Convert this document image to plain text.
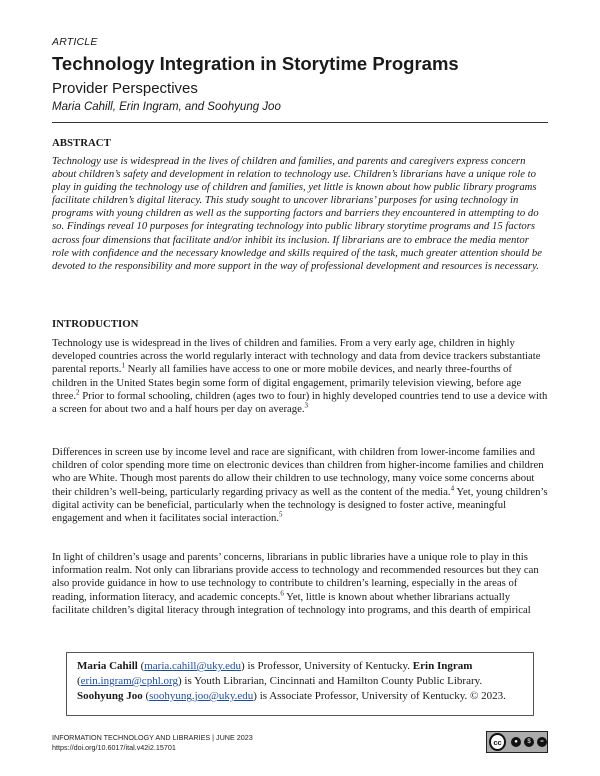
ARTICLE
Technology Integration in Storytime Programs
Provider Perspectives
Maria Cahill, Erin Ingram, and Soohyung Joo
ABSTRACT
Technology use is widespread in the lives of children and families, and parents and caregivers express concern about children’s safety and development in relation to technology use. Children’s librarians have a unique role to play in guiding the technology use of children and families, yet little is known about how public library programs facilitate children’s digital literacy. This study sought to uncover librarians’ purposes for using technology in programs with young children as well as the supporting factors and barriers they encountered in attempting to do so. Findings reveal 10 purposes for integrating technology into public library storytime programs and 15 factors across four dimensions that facilitate and/or inhibit its inclusion. If librarians are to embrace the media mentor role with confidence and the necessary knowledge and skills required of the task, much greater attention should be devoted to the responsibility and more support in the way of professional development and resources is necessary.
INTRODUCTION
Technology use is widespread in the lives of children and families. From a very early age, children in highly developed countries across the world regularly interact with technology and data from device trackers substantiate parental reports.$^1$ Nearly all families have access to one or more mobile devices, and nearly three-fourths of children in the United States begin some form of digital engagement, primarily television viewing, before age three.$^2$ Prior to formal schooling, children (ages two to four) in highly developed countries tend to use a device with a screen for about two and a half hours per day on average.$^3$
Differences in screen use by income level and race are significant, with children from lower-income families and children of color spending more time on electronic devices than children from higher-income families and children who are White. Though most parents do allow their children to use technology, many voice some concerns about their children’s well-being, particularly regarding privacy as well as the content of the media.$^4$ Yet, young children’s digital activity can be beneficial, particularly when the technology is designed to foster active, meaningful engagement and when it facilitates social interaction.$^5$
In light of children’s usage and parents’ concerns, librarians in public libraries have a unique role to play in this information realm. Not only can librarians provide access to technology and recommended resources but they can also provide guidance in how to use technology to contribute to children’s learning, especially in the areas of reading, information literacy, and academic concepts.$^6$ Yet, little is known about whether librarians actually facilitate children’s digital literacy through integration of technology into programs, and this dearth of empirical
Maria Cahill (maria.cahill@uky.edu) is Professor, University of Kentucky. Erin Ingram (erin.ingram@cphl.org) is Youth Librarian, Cincinnati and Hamilton County Public Library. Soohyung Joo (soohyung.joo@uky.edu) is Associate Professor, University of Kentucky. © 2023.
INFORMATION TECHNOLOGY AND LIBRARIES | JUNE 2023
https://doi.org/10.6017/ital.v42i2.15701
cc	●	$	=
